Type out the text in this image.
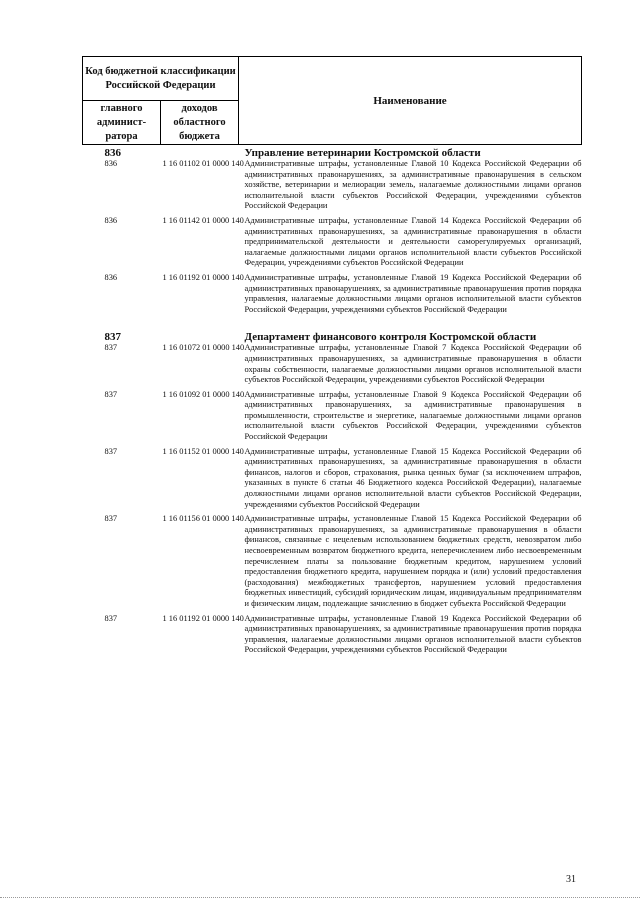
Код бюджетной классификации Российской Федерации		Наименование
главного админист-ратора	доходов областного бюджета	
836		Управление ветеринарии Костромской области
836	1 16 01102 01 0000 140	Административные штрафы, установленные Главой 10 Кодекса Российской Федерации об административных правонарушениях, за административные правонарушения в сельском хозяйстве, ветеринарии и мелиорации земель, налагаемые должностными лицами органов исполнительной власти субъектов Российской Федерации, учреждениями субъектов Российской Федерации
836	1 16 01142 01 0000 140	Административные штрафы, установленные Главой 14 Кодекса Российской Федерации об административных правонарушениях, за административные правонарушения в области предпринимательской деятельности и деятельности саморегулируемых организаций, налагаемые должностными лицами органов исполнительной власти субъектов Российской Федерации, учреждениями субъектов Российской Федерации
836	1 16 01192 01 0000 140	Административные штрафы, установленные Главой 19 Кодекса Российской Федерации об административных правонарушениях, за административные правонарушения против порядка управления, налагаемые должностными лицами органов исполнительной власти субъектов Российской Федерации, учреждениями субъектов Российской Федерации
837		Департамент финансового контроля Костромской области
837	1 16 01072 01 0000 140	Административные штрафы, установленные Главой 7 Кодекса Российской Федерации об административных правонарушениях, за административные правонарушения в области охраны собственности, налагаемые должностными лицами органов исполнительной власти субъектов Российской Федерации, учреждениями субъектов Российской Федерации
837	1 16 01092 01 0000 140	Административные штрафы, установленные Главой 9 Кодекса Российской Федерации об административных правонарушениях, за административные правонарушения в промышленности, строительстве и энергетике, налагаемые должностными лицами органов исполнительной власти субъектов Российской Федерации, учреждениями субъектов Российской Федерации
837	1 16 01152 01 0000 140	Административные штрафы, установленные Главой 15 Кодекса Российской Федерации об административных правонарушениях, за административные правонарушения в области финансов, налогов и сборов, страхования, рынка ценных бумаг (за исключением штрафов, указанных в пункте 6 статьи 46 Бюджетного кодекса Российской Федерации), налагаемые должностными лицами органов исполнительной власти субъектов Российской Федерации, учреждениями субъектов Российской Федерации
837	1 16 01156 01 0000 140	Административные штрафы, установленные Главой 15 Кодекса Российской Федерации об административных правонарушениях, за административные правонарушения в области финансов, связанные с нецелевым использованием бюджетных средств, невозвратом либо несвоевременным возвратом бюджетного кредита, неперечислением либо несвоевременным перечислением платы за пользование бюджетным кредитом, нарушением условий предоставления бюджетного кредита, нарушением порядка и (или) условий предоставления (расходования) межбюджетных трансфертов, нарушением условий предоставления бюджетных инвестиций, субсидий юридическим лицам, индивидуальным предпринимателям и физическим лицам, подлежащие зачислению в бюджет субъекта Российской Федерации
837	1 16 01192 01 0000 140	Административные штрафы, установленные Главой 19 Кодекса Российской Федерации об административных правонарушениях, за административные правонарушения против порядка управления, налагаемые должностными лицами органов исполнительной власти субъектов Российской Федерации, учреждениями субъектов Российской Федерации
31
